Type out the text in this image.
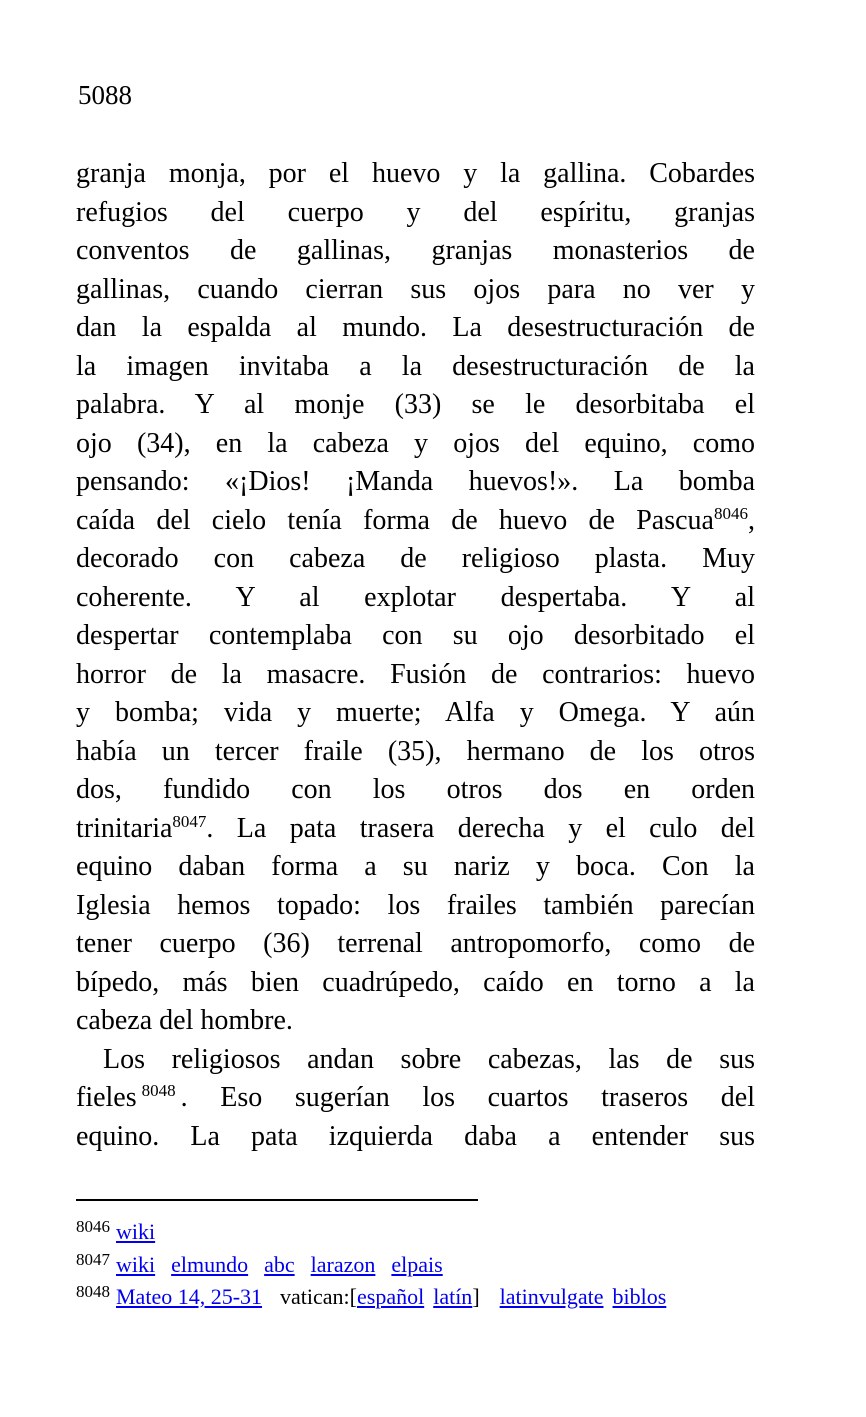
5088
granja monja, por el huevo y la gallina. Cobardes
refugios del cuerpo y del espíritu, granjas
conventos de gallinas, granjas monasterios de
gallinas, cuando cierran sus ojos para no ver y
dan la espalda al mundo. La desestructuración de
la imagen invitaba a la desestructuración de la
palabra. Y al monje (33) se le desorbitaba el
ojo (34), en la cabeza y ojos del equino, como
pensando: «¡Dios! ¡Manda huevos!». La bomba
caída del cielo tenía forma de huevo de Pascua$^{8046}$,
decorado con cabeza de religioso plasta. Muy
coherente. Y al explotar despertaba. Y al
despertar contemplaba con su ojo desorbitado el
horror de la masacre. Fusión de contrarios: huevo
y bomba; vida y muerte; Alfa y Omega. Y aún
había un tercer fraile (35), hermano de los otros
dos, fundido con los otros dos en orden
trinitaria$^{8047}$. La pata trasera derecha y el culo del
equino daban forma a su nariz y boca. Con la
Iglesia hemos topado: los frailes también parecían
tener cuerpo (36) terrenal antropomorfo, como de
bípedo, más bien cuadrúpedo, caído en torno a la
cabeza del hombre.
Los religiosos andan sobre cabezas, las de sus
fieles $^{8048}$ . Eso sugerían los cuartos traseros del
equino. La pata izquierda daba a entender sus
8046 wiki
8047 wiki elmundo abc larazon elpais
8048 Mateo 14, 25-31 vatican:[español latín] latinvulgate biblos
